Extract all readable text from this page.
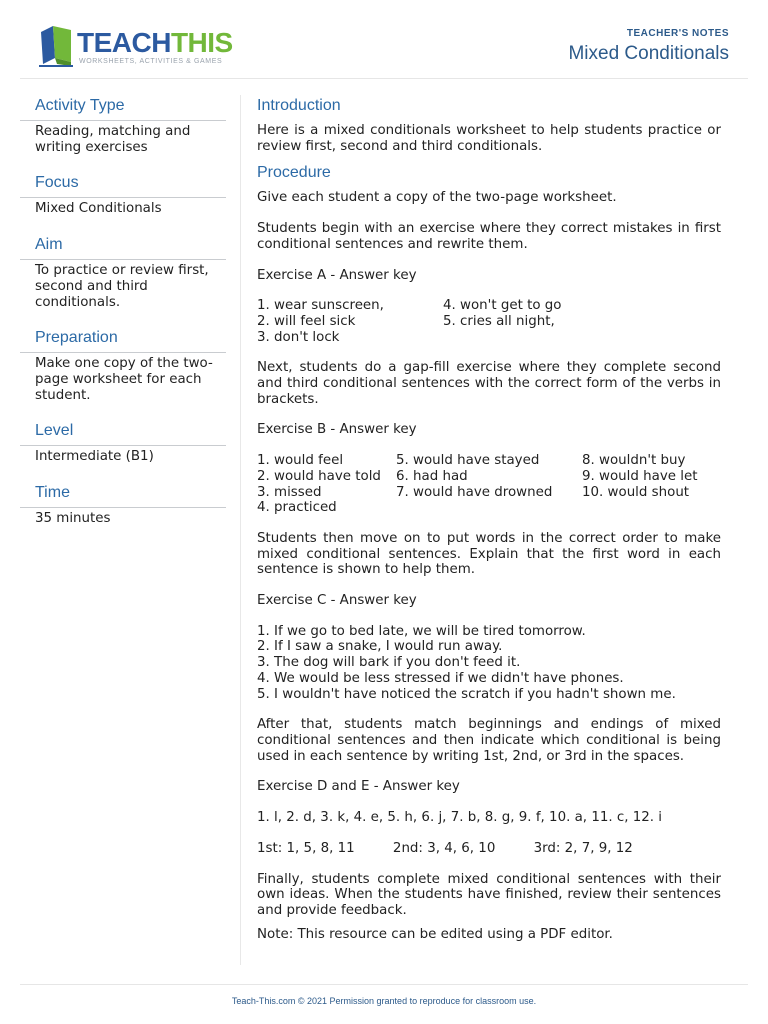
TEACHTHIS
WORKSHEETS, ACTIVITIES & GAMES
TEACHER'S NOTES
Mixed Conditionals
Activity Type
Reading, matching and writing exercises
Focus
Mixed Conditionals
Aim
To practice or review first, second and third conditionals.
Preparation
Make one copy of the two-page worksheet for each student.
Level
Intermediate (B1)
Time
35 minutes
Introduction
Here is a mixed conditionals worksheet to help students practice or review first, second and third conditionals.
Procedure
Give each student a copy of the two-page worksheet.
Students begin with an exercise where they correct mistakes in first conditional sentences and rewrite them.
Exercise A - Answer key
1. wear sunscreen,	4. won't get to go
2. will feel sick	5. cries all night,
3. don't lock
Next, students do a gap-fill exercise where they complete second and third conditional sentences with the correct form of the verbs in brackets.
Exercise B - Answer key
1. would feel	5. would have stayed	8. wouldn't buy
2. would have told	6. had had	9. would have let
3. missed	7. would have drowned	10. would shout
4. practiced
Students then move on to put words in the correct order to make mixed conditional sentences. Explain that the first word in each sentence is shown to help them.
Exercise C - Answer key
1. If we go to bed late, we will be tired tomorrow.
2. If I saw a snake, I would run away.
3. The dog will bark if you don't feed it.
4. We would be less stressed if we didn't have phones.
5. I wouldn't have noticed the scratch if you hadn't shown me.
After that, students match beginnings and endings of mixed conditional sentences and then indicate which conditional is being used in each sentence by writing 1st, 2nd, or 3rd in the spaces.
Exercise D and E - Answer key
1. l, 2. d, 3. k, 4. e, 5. h, 6. j, 7. b, 8. g, 9. f, 10. a, 11. c, 12. i
1st: 1, 5, 8, 11	2nd: 3, 4, 6, 10	3rd: 2, 7, 9, 12
Finally, students complete mixed conditional sentences with their own ideas. When the students have finished, review their sentences and provide feedback.
Note: This resource can be edited using a PDF editor.
Teach-This.com © 2021 Permission granted to reproduce for classroom use.
